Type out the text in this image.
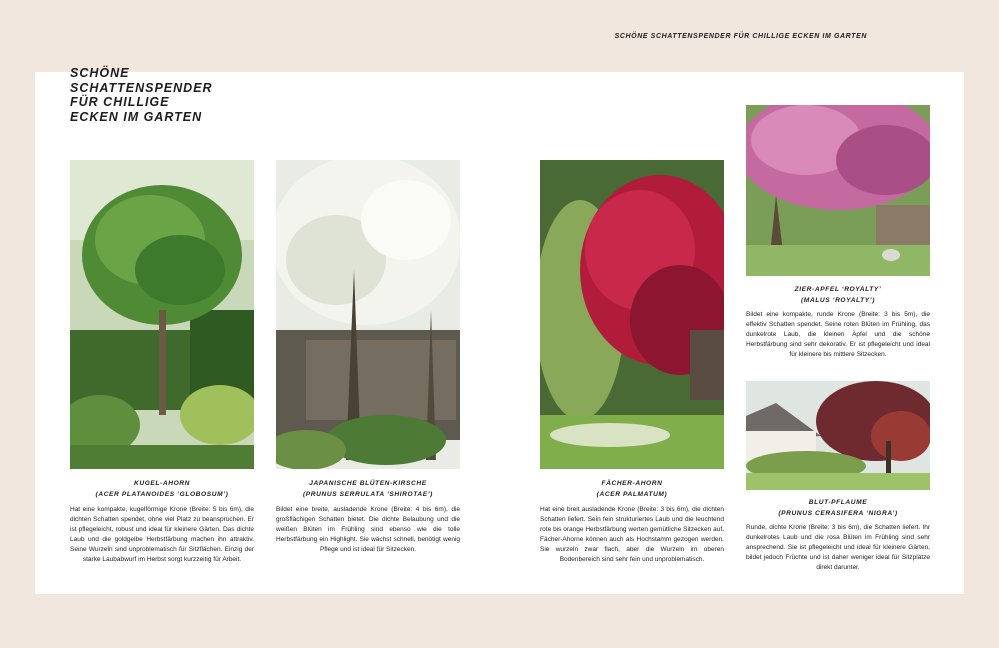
SCHÖNE SCHATTENSPENDER FÜR CHILLIGE ECKEN IM GARTEN
SCHÖNE
SCHATTENSPENDER
FÜR CHILLIGE
ECKEN IM GARTEN
KUGEL-AHORN
(ACER PLATANOIDES ‘GLOBOSUM’)

Hat eine kompakte, kugelförmige Krone (Breite: 5 bis 6m), die dichten Schatten spendet, ohne viel Platz zu beanspruchen. Er ist pflegeleicht, robust und ideal für kleinere Gärten. Das dichte Laub und die goldgelbe Herbstfärbung machen ihn attraktiv. Seine Wurzeln sind unproblematisch für Sitzflächen. Einzig der starke Laubabwurf im Herbst sorgt kurzzeitig für Arbeit.

JAPANISCHE BLÜTEN-KIRSCHE
(PRUNUS SERRULATA ‘SHIROTAE’)

Bildet eine breite, ausladende Krone (Breite: 4 bis 6m), die großflächigen Schatten bietet. Die dichte Belaubung und die weißen Blüten im Frühling sind ebenso wie die tolle Herbstfärbung ein Highlight. Sie wächst schnell, benötigt wenig Pflege und ist ideal für Sitzecken.

FÄCHER-AHORN
(ACER PALMATUM)

Hat eine breit ausladende Krone (Breite: 3 bis 6m), die dichten Schatten liefert. Sein fein strukturiertes Laub und die leuchtend rote bis orange Herbstfärbung werten gemütliche Sitzecken auf. Fächer-Ahorne können auch als Hochstamm gezogen werden. Sie wurzeln zwar flach, aber die Wurzeln im oberen Bodenbereich sind sehr fein und unproblematisch.

ZIER-APFEL ‘ROYALTY’
(MALUS ‘ROYALTY’)

Bildet eine kompakte, runde Krone (Breite: 3 bis 5m), die effektiv Schatten spendet. Seine roten Blüten im Frühling, das dunkelrote Laub, die kleinen Äpfel und die schöne Herbstfärbung sind sehr dekorativ. Er ist pflegeleicht und ideal für kleinere bis mittlere Sitzecken.

BLUT-PFLAUME
(PRUNUS CERASIFERA ‘NIGRA’)

Runde, dichte Krone (Breite: 3 bis 6m), die Schatten liefert. Ihr dunkelrotes Laub und die rosa Blüten im Frühling sind sehr ansprechend. Sie ist pflegeleicht und ideal für kleinere Gärten, bildet jedoch Früchte und ist daher weniger ideal für Sitzplätze direkt darunter.
